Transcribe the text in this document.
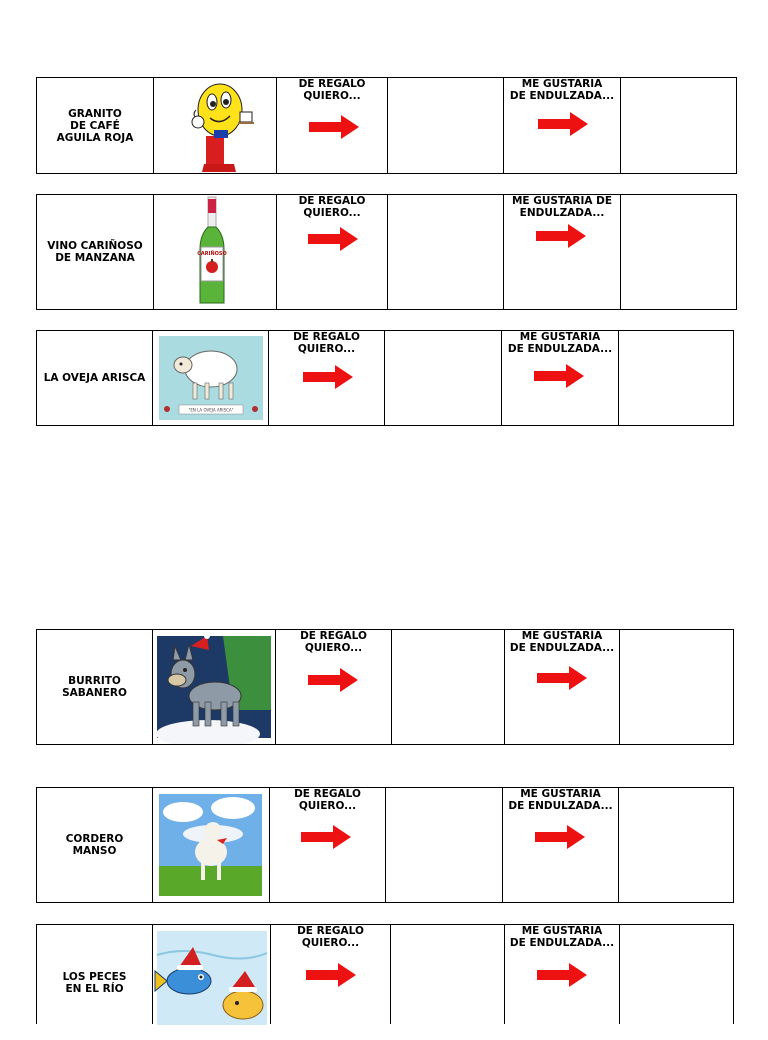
GRANITO
DE CAFÉ
AGUILA ROJA
DE REGALO
QUIERO...
ME GUSTARIA
DE ENDULZADA...
VINO CARIÑOSO
DE MANZANA	CARIÑOSO
DE REGALO
QUIERO...
ME GUSTARIA DE
ENDULZADA...
LA OVEJA ARISCA
"EN LA OVEJA ARISCA"
DE REGALO
QUIERO...
ME GUSTARIA
DE ENDULZADA...
BURRITO
SABANERO
DE REGALO
QUIERO...
ME GUSTARÍA
DE ENDULZADA...
CORDERO
MANSO
DE REGALO
QUIERO...
ME GUSTARIA
DE ENDULZADA...
LOS PECES
EN EL RÍO
DE REGALO
QUIERO...
ME GUSTARIA
DE ENDULZADA...
